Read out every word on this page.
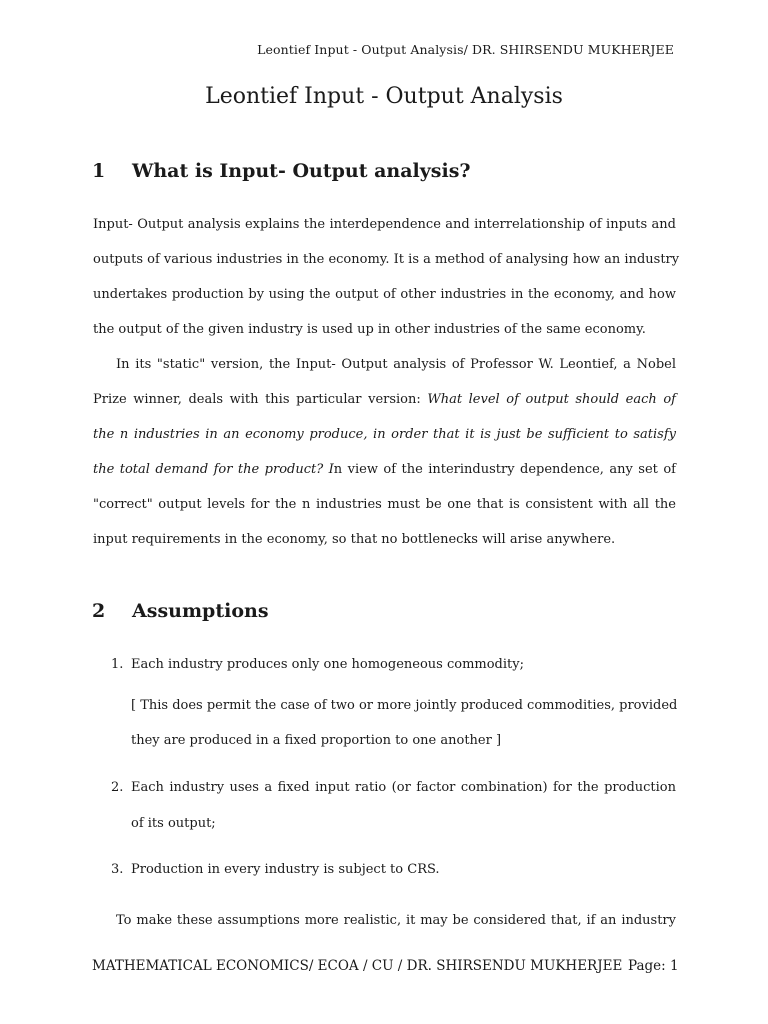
Leontief Input - Output Analysis/ DR. SHIRSENDU MUKHERJEE
Leontief Input - Output Analysis
1 What is Input- Output analysis?
Input- Output analysis explains the interdependence and interrelationship of inputs and
outputs of various industries in the economy. It is a method of analysing how an industry
undertakes production by using the output of other industries in the economy, and how
the output of the given industry is used up in other industries of the same economy.
In its "static" version, the Input- Output analysis of Professor W. Leontief, a Nobel
Prize winner, deals with this particular version: What level of output should each of
the n industries in an economy produce, in order that it is just be sufficient to satisfy
the total demand for the product? In view of the interindustry dependence, any set of
"correct" output levels for the n industries must be one that is consistent with all the
input requirements in the economy, so that no bottlenecks will arise anywhere.
2 Assumptions
1. Each industry produces only one homogeneous commodity;
[ This does permit the case of two or more jointly produced commodities, provided
they are produced in a fixed proportion to one another ]
2. Each industry uses a fixed input ratio (or factor combination) for the production
of its output;
3. Production in every industry is subject to CRS.
To make these assumptions more realistic, it may be considered that, if an industry
MATHEMATICAL ECONOMICS/ ECOA / CU / DR. SHIRSENDU MUKHERJEE Page: 1
